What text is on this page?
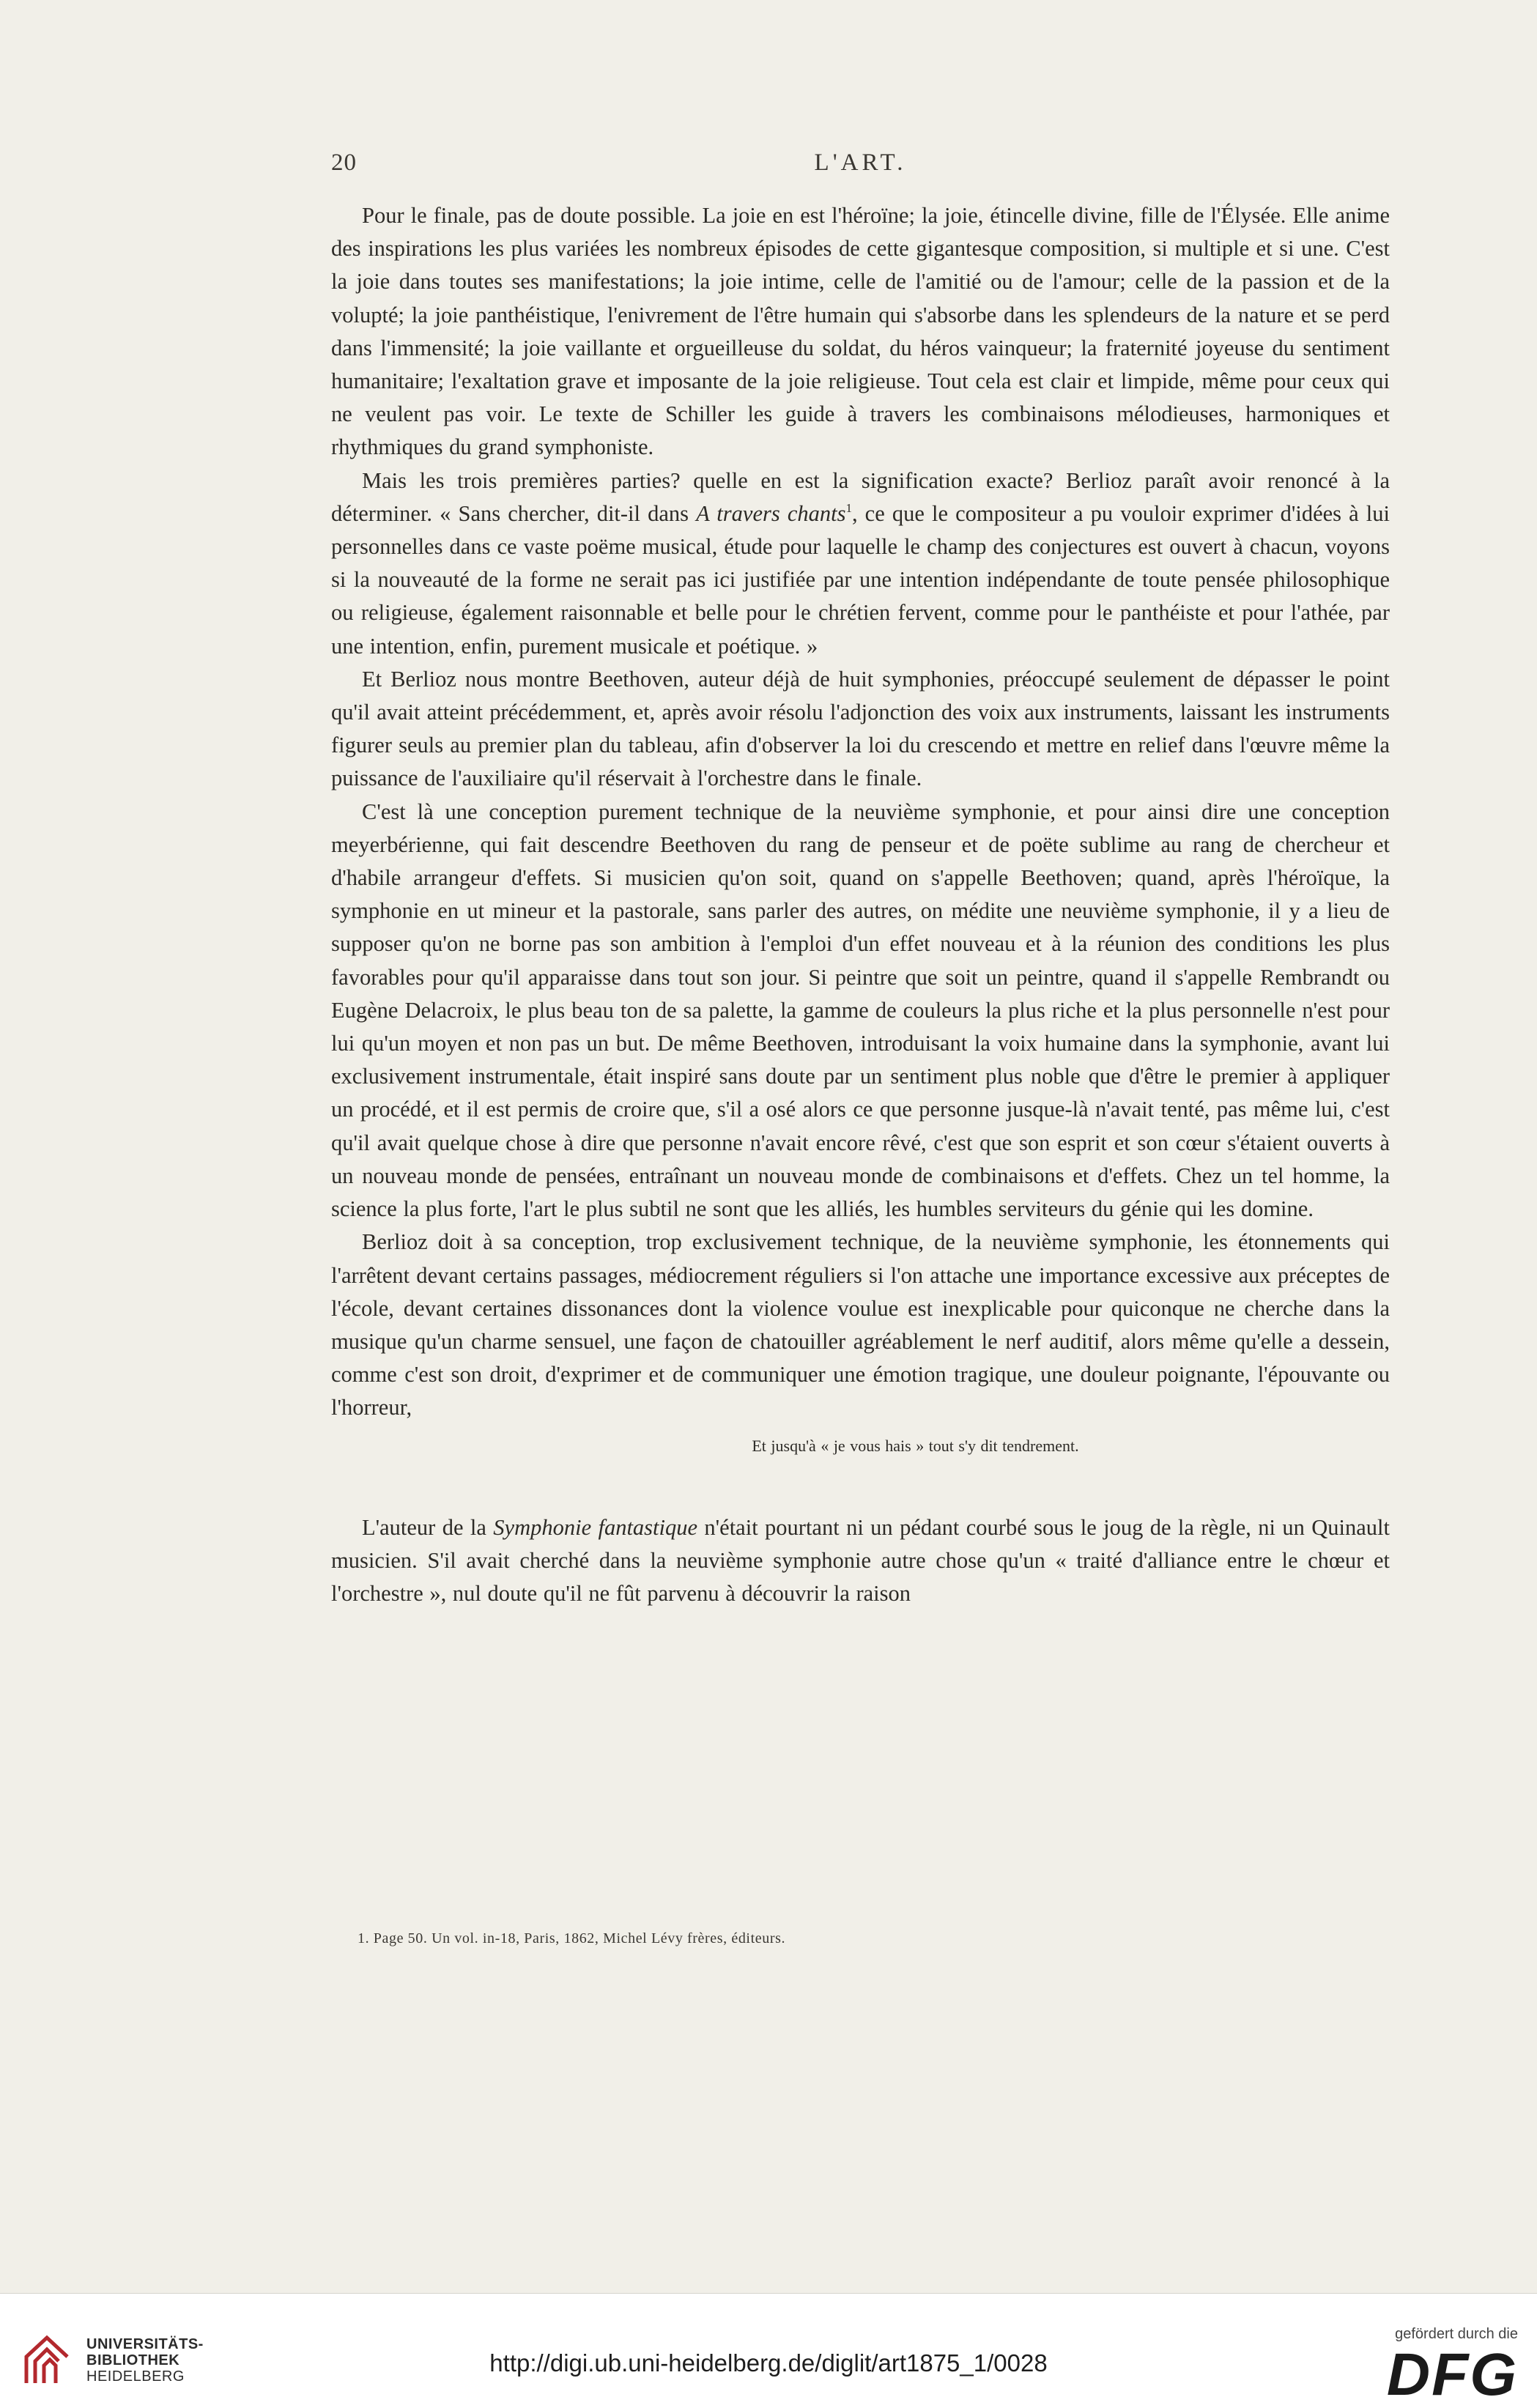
20	L'ART.

Pour le finale, pas de doute possible. La joie en est l'héroïne; la joie, étincelle divine, fille de l'Élysée. Elle anime des inspirations les plus variées les nombreux épisodes de cette gigantesque composition, si multiple et si une. C'est la joie dans toutes ses manifestations; la joie intime, celle de l'amitié ou de l'amour; celle de la passion et de la volupté; la joie panthéistique, l'enivrement de l'être humain qui s'absorbe dans les splendeurs de la nature et se perd dans l'immensité; la joie vaillante et orgueilleuse du soldat, du héros vainqueur; la fraternité joyeuse du sentiment humanitaire; l'exaltation grave et imposante de la joie religieuse. Tout cela est clair et limpide, même pour ceux qui ne veulent pas voir. Le texte de Schiller les guide à travers les combinaisons mélodieuses, harmoniques et rhythmiques du grand symphoniste.

Mais les trois premières parties? quelle en est la signification exacte? Berlioz paraît avoir renoncé à la déterminer. « Sans chercher, dit-il dans A travers chants$^1$, ce que le compositeur a pu vouloir exprimer d'idées à lui personnelles dans ce vaste poëme musical, étude pour laquelle le champ des conjectures est ouvert à chacun, voyons si la nouveauté de la forme ne serait pas ici justifiée par une intention indépendante de toute pensée philosophique ou religieuse, également raisonnable et belle pour le chrétien fervent, comme pour le panthéiste et pour l'athée, par une intention, enfin, purement musicale et poétique. »

Et Berlioz nous montre Beethoven, auteur déjà de huit symphonies, préoccupé seulement de dépasser le point qu'il avait atteint précédemment, et, après avoir résolu l'adjonction des voix aux instruments, laissant les instruments figurer seuls au premier plan du tableau, afin d'observer la loi du crescendo et mettre en relief dans l'œuvre même la puissance de l'auxiliaire qu'il réservait à l'orchestre dans le finale.

C'est là une conception purement technique de la neuvième symphonie, et pour ainsi dire une conception meyerbérienne, qui fait descendre Beethoven du rang de penseur et de poëte sublime au rang de chercheur et d'habile arrangeur d'effets. Si musicien qu'on soit, quand on s'appelle Beethoven; quand, après l'héroïque, la symphonie en ut mineur et la pastorale, sans parler des autres, on médite une neuvième symphonie, il y a lieu de supposer qu'on ne borne pas son ambition à l'emploi d'un effet nouveau et à la réunion des conditions les plus favorables pour qu'il apparaisse dans tout son jour. Si peintre que soit un peintre, quand il s'appelle Rembrandt ou Eugène Delacroix, le plus beau ton de sa palette, la gamme de couleurs la plus riche et la plus personnelle n'est pour lui qu'un moyen et non pas un but. De même Beethoven, introduisant la voix humaine dans la symphonie, avant lui exclusivement instrumentale, était inspiré sans doute par un sentiment plus noble que d'être le premier à appliquer un procédé, et il est permis de croire que, s'il a osé alors ce que personne jusque-là n'avait tenté, pas même lui, c'est qu'il avait quelque chose à dire que personne n'avait encore rêvé, c'est que son esprit et son cœur s'étaient ouverts à un nouveau monde de pensées, entraînant un nouveau monde de combinaisons et d'effets. Chez un tel homme, la science la plus forte, l'art le plus subtil ne sont que les alliés, les humbles serviteurs du génie qui les domine.

Berlioz doit à sa conception, trop exclusivement technique, de la neuvième symphonie, les étonnements qui l'arrêtent devant certains passages, médiocrement réguliers si l'on attache une importance excessive aux préceptes de l'école, devant certaines dissonances dont la violence voulue est inexplicable pour quiconque ne cherche dans la musique qu'un charme sensuel, une façon de chatouiller agréablement le nerf auditif, alors même qu'elle a dessein, comme c'est son droit, d'exprimer et de communiquer une émotion tragique, une douleur poignante, l'épouvante ou l'horreur,

Et jusqu'à « je vous hais » tout s'y dit tendrement.

L'auteur de la Symphonie fantastique n'était pourtant ni un pédant courbé sous le joug de la règle, ni un Quinault musicien. S'il avait cherché dans la neuvième symphonie autre chose qu'un « traité d'alliance entre le chœur et l'orchestre », nul doute qu'il ne fût parvenu à découvrir la raison

1. Page 50. Un vol. in-18, Paris, 1862, Michel Lévy frères, éditeurs.
UNIVERSITÄTS-
BIBLIOTHEK
HEIDELBERG	http://digi.ub.uni-heidelberg.de/diglit/art1875_1/0028
gefördert durch die
DFG
